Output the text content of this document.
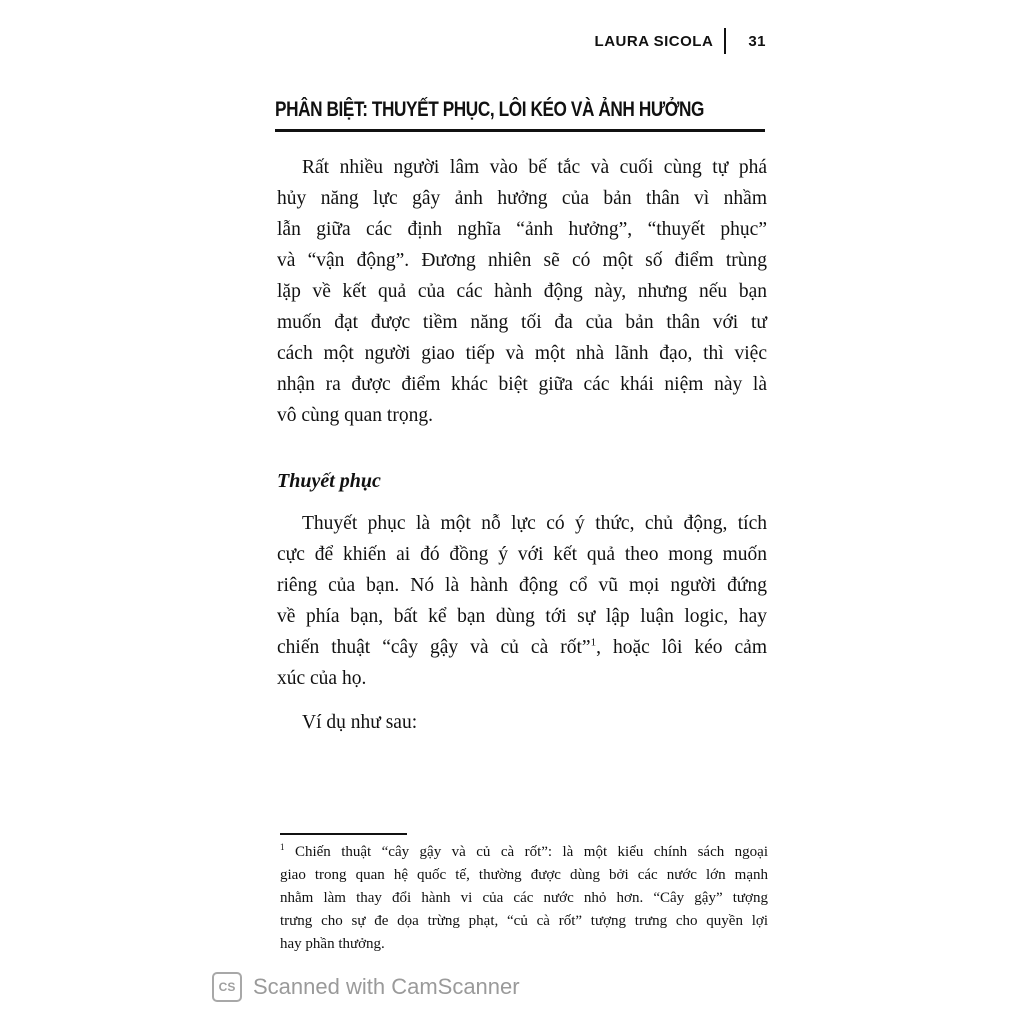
LAURA SICOLA	31
PHÂN BIỆT: THUYẾT PHỤC, LÔI KÉO VÀ ẢNH HƯỞNG
Rất nhiều người lâm vào bế tắc và cuối cùng tự phá
hủy năng lực gây ảnh hưởng của bản thân vì nhầm
lẫn giữa các định nghĩa “ảnh hưởng”, “thuyết phục”
và “vận động”. Đương nhiên sẽ có một số điểm trùng
lặp về kết quả của các hành động này, nhưng nếu bạn
muốn đạt được tiềm năng tối đa của bản thân với tư
cách một người giao tiếp và một nhà lãnh đạo, thì việc
nhận ra được điểm khác biệt giữa các khái niệm này là
vô cùng quan trọng.
Thuyết phục
Thuyết phục là một nỗ lực có ý thức, chủ động, tích
cực để khiến ai đó đồng ý với kết quả theo mong muốn
riêng của bạn. Nó là hành động cổ vũ mọi người đứng
về phía bạn, bất kể bạn dùng tới sự lập luận logic, hay
chiến thuật “cây gậy và củ cà rốt”$^1$, hoặc lôi kéo cảm
xúc của họ.
Ví dụ như sau:
$^1$ Chiến thuật “cây gậy và củ cà rốt”: là một kiểu chính sách ngoại
giao trong quan hệ quốc tế, thường được dùng bởi các nước lớn mạnh
nhằm làm thay đổi hành vi của các nước nhỏ hơn. “Cây gậy” tượng
trưng cho sự đe dọa trừng phạt, “củ cà rốt” tượng trưng cho quyền lợi
hay phần thưởng.
CS Scanned with CamScanner
